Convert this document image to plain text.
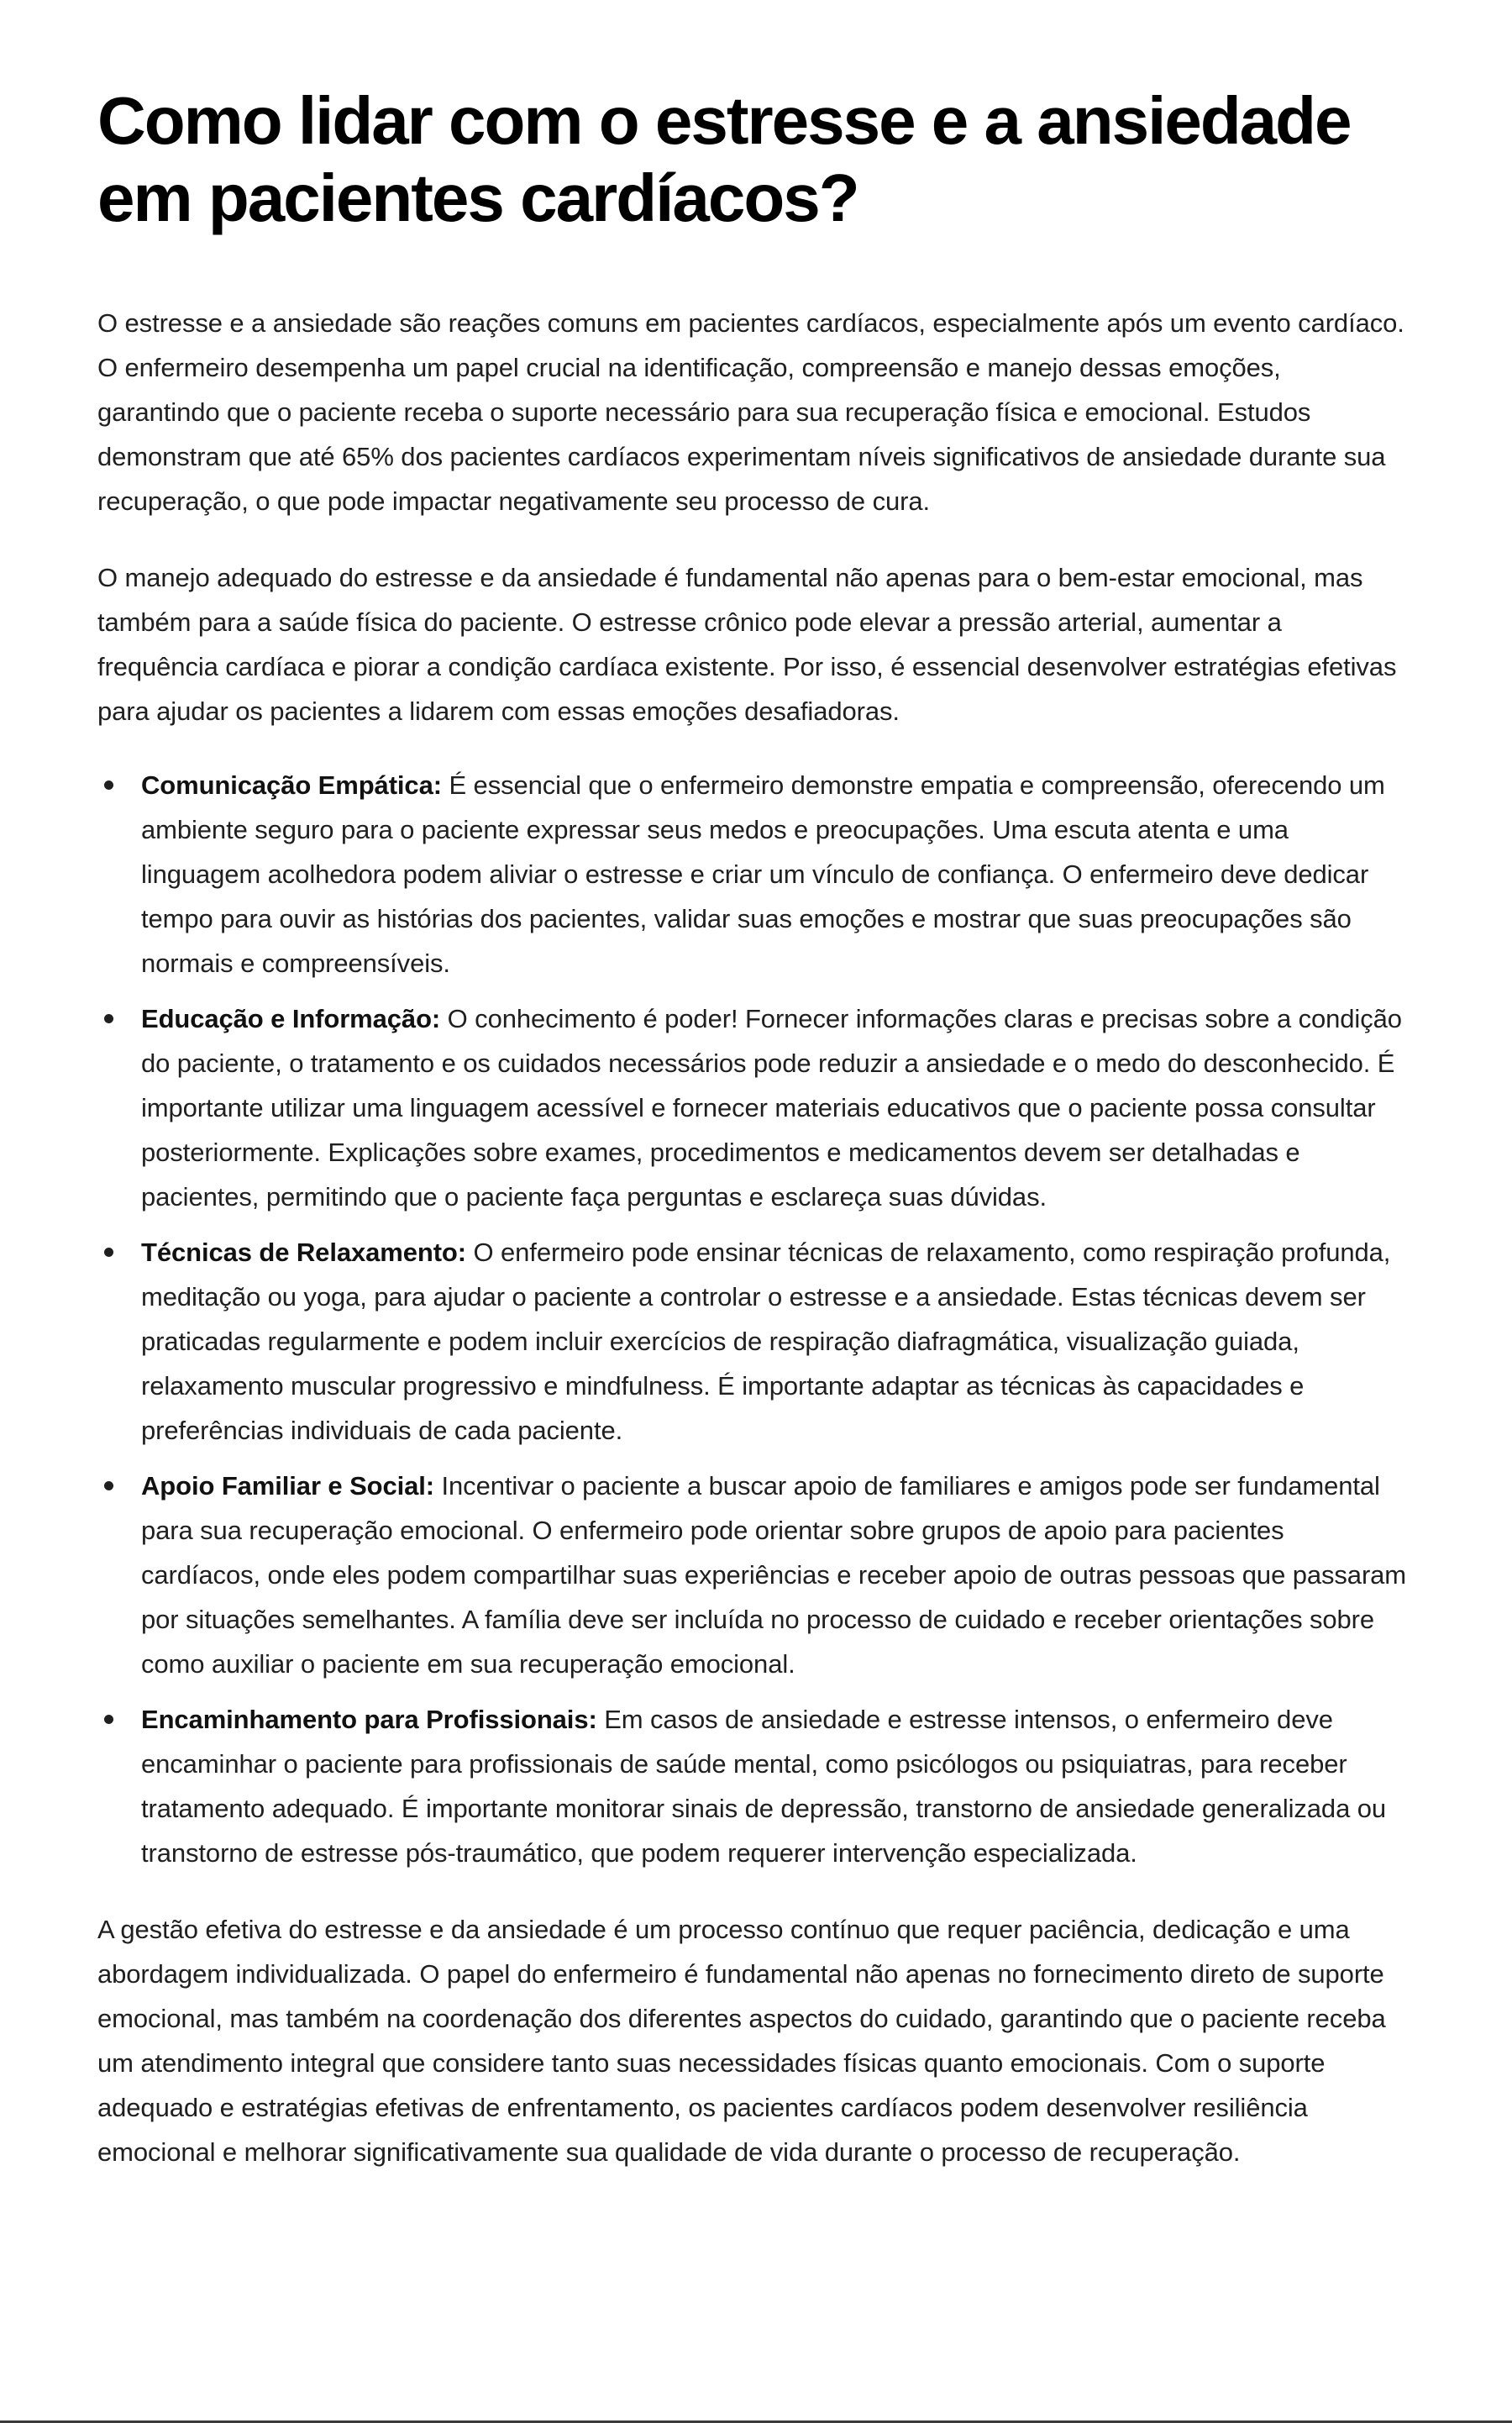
Como lidar com o estresse e a ansiedade em pacientes cardíacos?

O estresse e a ansiedade são reações comuns em pacientes cardíacos, especialmente após um evento cardíaco. O enfermeiro desempenha um papel crucial na identificação, compreensão e manejo dessas emoções, garantindo que o paciente receba o suporte necessário para sua recuperação física e emocional. Estudos demonstram que até 65% dos pacientes cardíacos experimentam níveis significativos de ansiedade durante sua recuperação, o que pode impactar negativamente seu processo de cura.

O manejo adequado do estresse e da ansiedade é fundamental não apenas para o bem-estar emocional, mas também para a saúde física do paciente. O estresse crônico pode elevar a pressão arterial, aumentar a frequência cardíaca e piorar a condição cardíaca existente. Por isso, é essencial desenvolver estratégias efetivas para ajudar os pacientes a lidarem com essas emoções desafiadoras.

Comunicação Empática: É essencial que o enfermeiro demonstre empatia e compreensão, oferecendo um ambiente seguro para o paciente expressar seus medos e preocupações. Uma escuta atenta e uma linguagem acolhedora podem aliviar o estresse e criar um vínculo de confiança. O enfermeiro deve dedicar tempo para ouvir as histórias dos pacientes, validar suas emoções e mostrar que suas preocupações são normais e compreensíveis.
Educação e Informação: O conhecimento é poder! Fornecer informações claras e precisas sobre a condição do paciente, o tratamento e os cuidados necessários pode reduzir a ansiedade e o medo do desconhecido. É importante utilizar uma linguagem acessível e fornecer materiais educativos que o paciente possa consultar posteriormente. Explicações sobre exames, procedimentos e medicamentos devem ser detalhadas e pacientes, permitindo que o paciente faça perguntas e esclareça suas dúvidas.
Técnicas de Relaxamento: O enfermeiro pode ensinar técnicas de relaxamento, como respiração profunda, meditação ou yoga, para ajudar o paciente a controlar o estresse e a ansiedade. Estas técnicas devem ser praticadas regularmente e podem incluir exercícios de respiração diafragmática, visualização guiada, relaxamento muscular progressivo e mindfulness. É importante adaptar as técnicas às capacidades e preferências individuais de cada paciente.
Apoio Familiar e Social: Incentivar o paciente a buscar apoio de familiares e amigos pode ser fundamental para sua recuperação emocional. O enfermeiro pode orientar sobre grupos de apoio para pacientes cardíacos, onde eles podem compartilhar suas experiências e receber apoio de outras pessoas que passaram por situações semelhantes. A família deve ser incluída no processo de cuidado e receber orientações sobre como auxiliar o paciente em sua recuperação emocional.
Encaminhamento para Profissionais: Em casos de ansiedade e estresse intensos, o enfermeiro deve encaminhar o paciente para profissionais de saúde mental, como psicólogos ou psiquiatras, para receber tratamento adequado. É importante monitorar sinais de depressão, transtorno de ansiedade generalizada ou transtorno de estresse pós-traumático, que podem requerer intervenção especializada.

A gestão efetiva do estresse e da ansiedade é um processo contínuo que requer paciência, dedicação e uma abordagem individualizada. O papel do enfermeiro é fundamental não apenas no fornecimento direto de suporte emocional, mas também na coordenação dos diferentes aspectos do cuidado, garantindo que o paciente receba um atendimento integral que considere tanto suas necessidades físicas quanto emocionais. Com o suporte adequado e estratégias efetivas de enfrentamento, os pacientes cardíacos podem desenvolver resiliência emocional e melhorar significativamente sua qualidade de vida durante o processo de recuperação.
